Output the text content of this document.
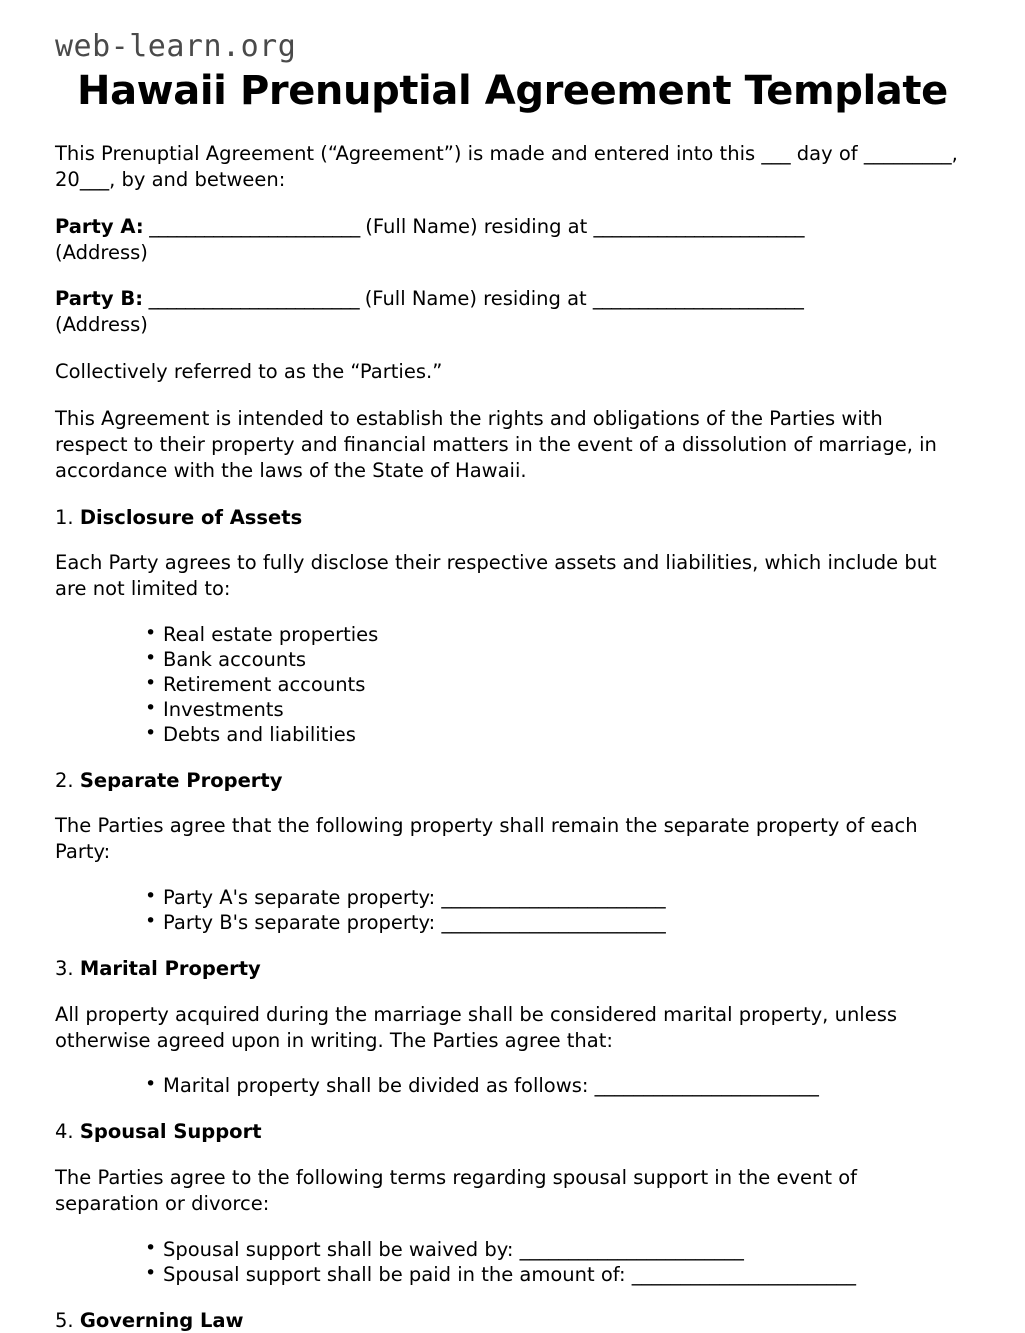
web-learn.org
Hawaii Prenuptial Agreement Template

This Prenuptial Agreement (“Agreement”) is made and entered into this ___ day of _________, 20___, by and between:

Party A: _______________________ (Full Name) residing at _______________________
(Address)
Party B: _______________________ (Full Name) residing at _______________________
(Address)

Collectively referred to as the “Parties.”

This Agreement is intended to establish the rights and obligations of the Parties with respect to their property and financial matters in the event of a dissolution of marriage, in accordance with the laws of the State of Hawaii.

1. Disclosure of Assets

Each Party agrees to fully disclose their respective assets and liabilities, which include but are not limited to:

• Real estate properties
• Bank accounts
• Retirement accounts
• Investments
• Debts and liabilities
2. Separate Property

The Parties agree that the following property shall remain the separate property of each Party:

• Party A's separate property: _______________________
• Party B's separate property: _______________________
3. Marital Property

All property acquired during the marriage shall be considered marital property, unless otherwise agreed upon in writing. The Parties agree that:

• Marital property shall be divided as follows: _______________________
4. Spousal Support

The Parties agree to the following terms regarding spousal support in the event of separation or divorce:

• Spousal support shall be waived by: _______________________
• Spousal support shall be paid in the amount of: _______________________
5. Governing Law
